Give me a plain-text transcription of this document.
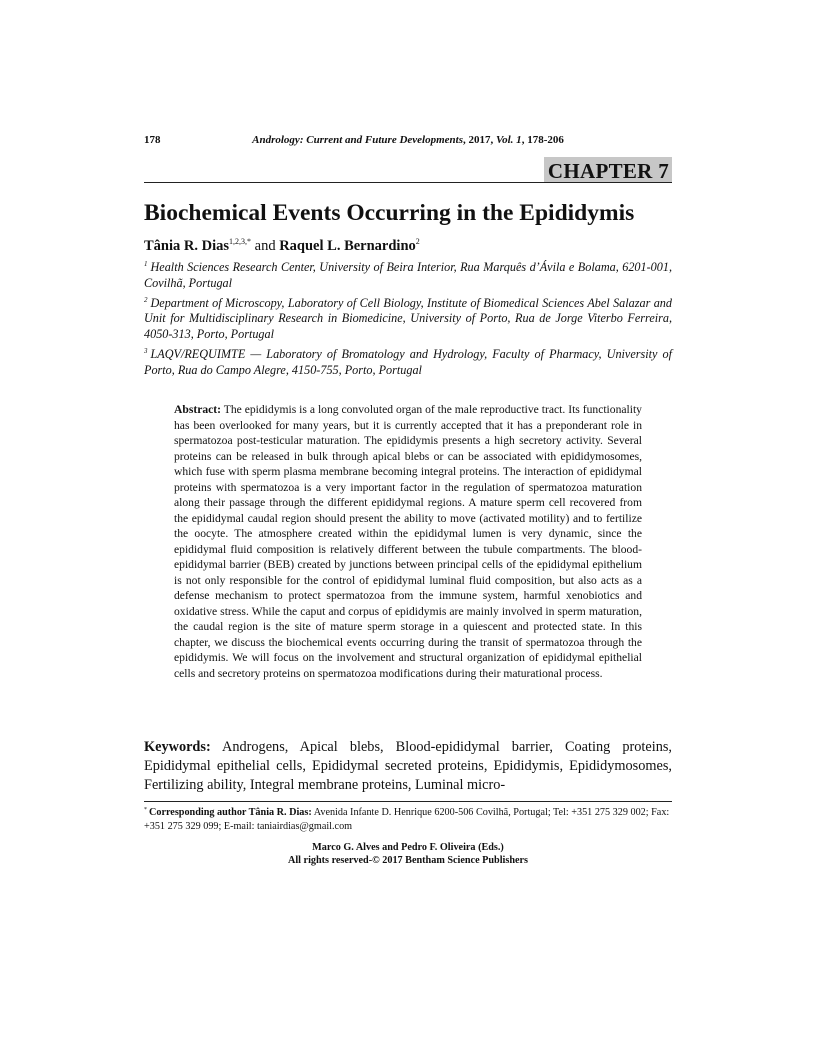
178	Andrology: Current and Future Developments, 2017, Vol. 1, 178-206
CHAPTER 7
Biochemical Events Occurring in the Epididymis
Tânia R. Dias$^{1,2,3,*}$ and Raquel L. Bernardino$^2$

$^1$ Health Sciences Research Center, University of Beira Interior, Rua Marquês d’Ávila e Bolama, 6201-001, Covilhã, Portugal

$^2$ Department of Microscopy, Laboratory of Cell Biology, Institute of Biomedical Sciences Abel Salazar and Unit for Multidisciplinary Research in Biomedicine, University of Porto, Rua de Jorge Viterbo Ferreira, 4050-313, Porto, Portugal

$^3$ LAQV/REQUIMTE — Laboratory of Bromatology and Hydrology, Faculty of Pharmacy, University of Porto, Rua do Campo Alegre, 4150-755, Porto, Portugal

Abstract: The epididymis is a long convoluted organ of the male reproductive tract. Its functionality has been overlooked for many years, but it is currently accepted that it has a preponderant role in spermatozoa post-testicular maturation. The epididymis presents a high secretory activity. Several proteins can be released in bulk through apical blebs or can be associated with epididymosomes, which fuse with sperm plasma membrane becoming integral proteins. The interaction of epididymal proteins with spermatozoa is a very important factor in the regulation of spermatozoa maturation along their passage through the different epididymal regions. A mature sperm cell recovered from the epididymal caudal region should present the ability to move (activated motility) and to fertilize the oocyte. The atmosphere created within the epididymal lumen is very dynamic, since the epididymal fluid composition is relatively different between the tubule compartments. The blood-epididymal barrier (BEB) created by junctions between principal cells of the epididymal epithelium is not only responsible for the control of epididymal luminal fluid composition, but also acts as a defense mechanism to protect spermatozoa from the immune system, harmful xenobiotics and oxidative stress. While the caput and corpus of epididymis are mainly involved in sperm maturation, the caudal region is the site of mature sperm storage in a quiescent and protected state. In this chapter, we discuss the biochemical events occurring during the transit of spermatozoa through the epididymis. We will focus on the involvement and structural organization of epididymal epithelial cells and secretory proteins on spermatozoa modifications during their maturational process.

Keywords: Androgens, Apical blebs, Blood-epididymal barrier, Coating proteins, Epididymal epithelial cells, Epididymal secreted proteins, Epididymis, Epididymosomes, Fertilizing ability, Integral membrane proteins, Luminal micro-

* Corresponding author Tânia R. Dias: Avenida Infante D. Henrique 6200-506 Covilhã, Portugal; Tel: +351 275 329 002; Fax: +351 275 329 099; E-mail: taniairdias@gmail.com

Marco G. Alves and Pedro F. Oliveira (Eds.)
All rights reserved-© 2017 Bentham Science Publishers
